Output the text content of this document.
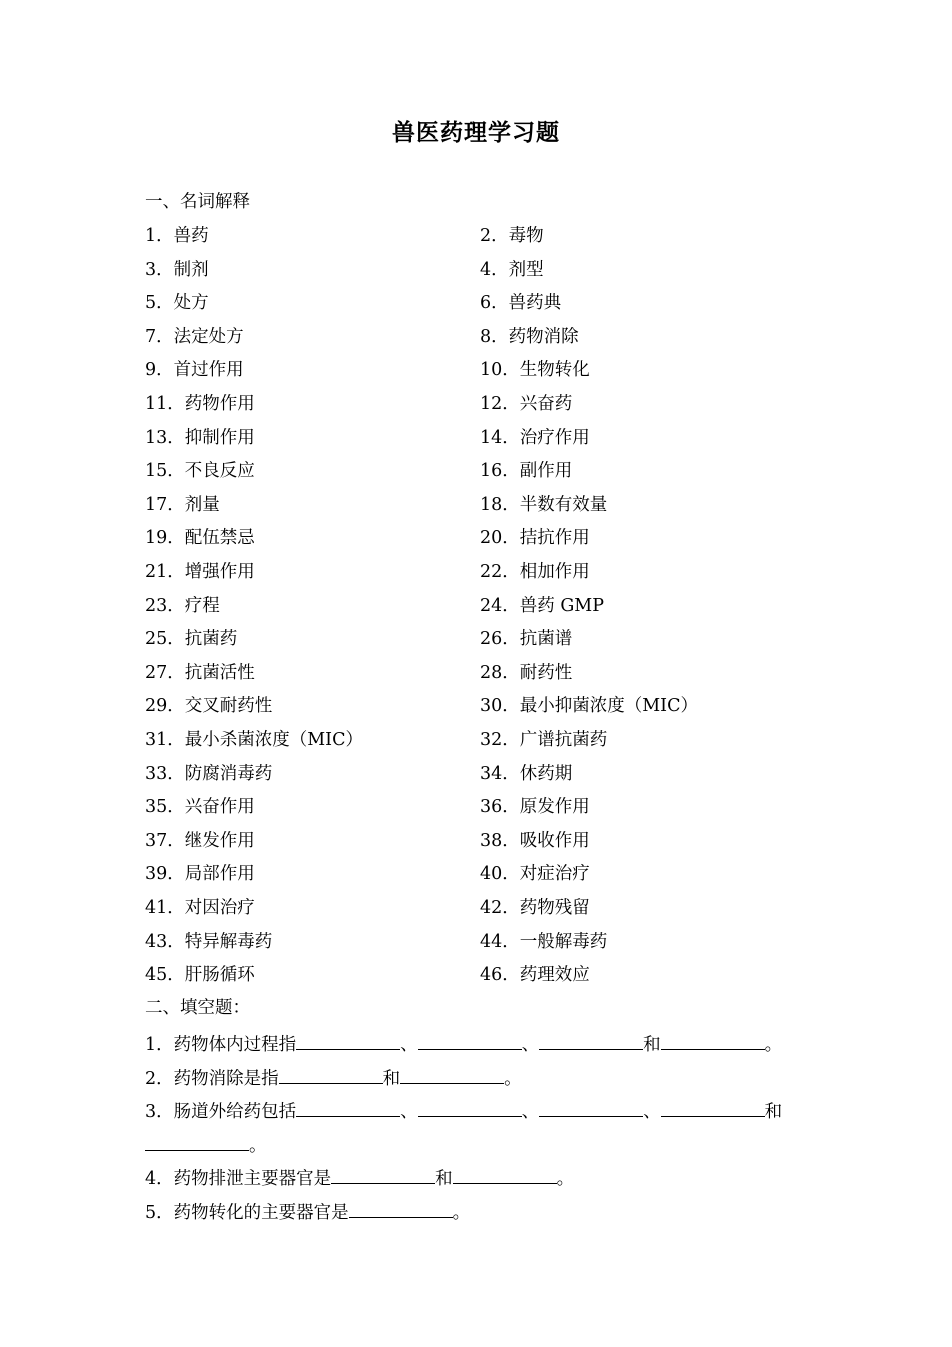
兽医药理学习题
一、名词解释
1．兽药	2．毒物
3．制剂	4．剂型
5．处方	6．兽药典
7．法定处方	8．药物消除
9．首过作用	10．生物转化
11．药物作用	12．兴奋药
13．抑制作用	14．治疗作用
15．不良反应	16．副作用
17．剂量	18．半数有效量
19．配伍禁忌	20．拮抗作用
21．增强作用	22．相加作用
23．疗程	24．兽药 GMP
25．抗菌药	26．抗菌谱
27．抗菌活性	28．耐药性
29．交叉耐药性	30．最小抑菌浓度（MIC）
31．最小杀菌浓度（MIC）	32．广谱抗菌药
33．防腐消毒药	34．休药期
35．兴奋作用	36．原发作用
37．继发作用	38．吸收作用
39．局部作用	40．对症治疗
41．对因治疗	42．药物残留
43．特异解毒药	44．一般解毒药
45．肝肠循环	46．药理效应
二、填空题：
1．药物体内过程指	、	、	和	。
2．药物消除是指	和	。
3．肠道外给药包括	、	、	、	和
。
4．药物排泄主要器官是	和	。
5．药物转化的主要器官是	。
